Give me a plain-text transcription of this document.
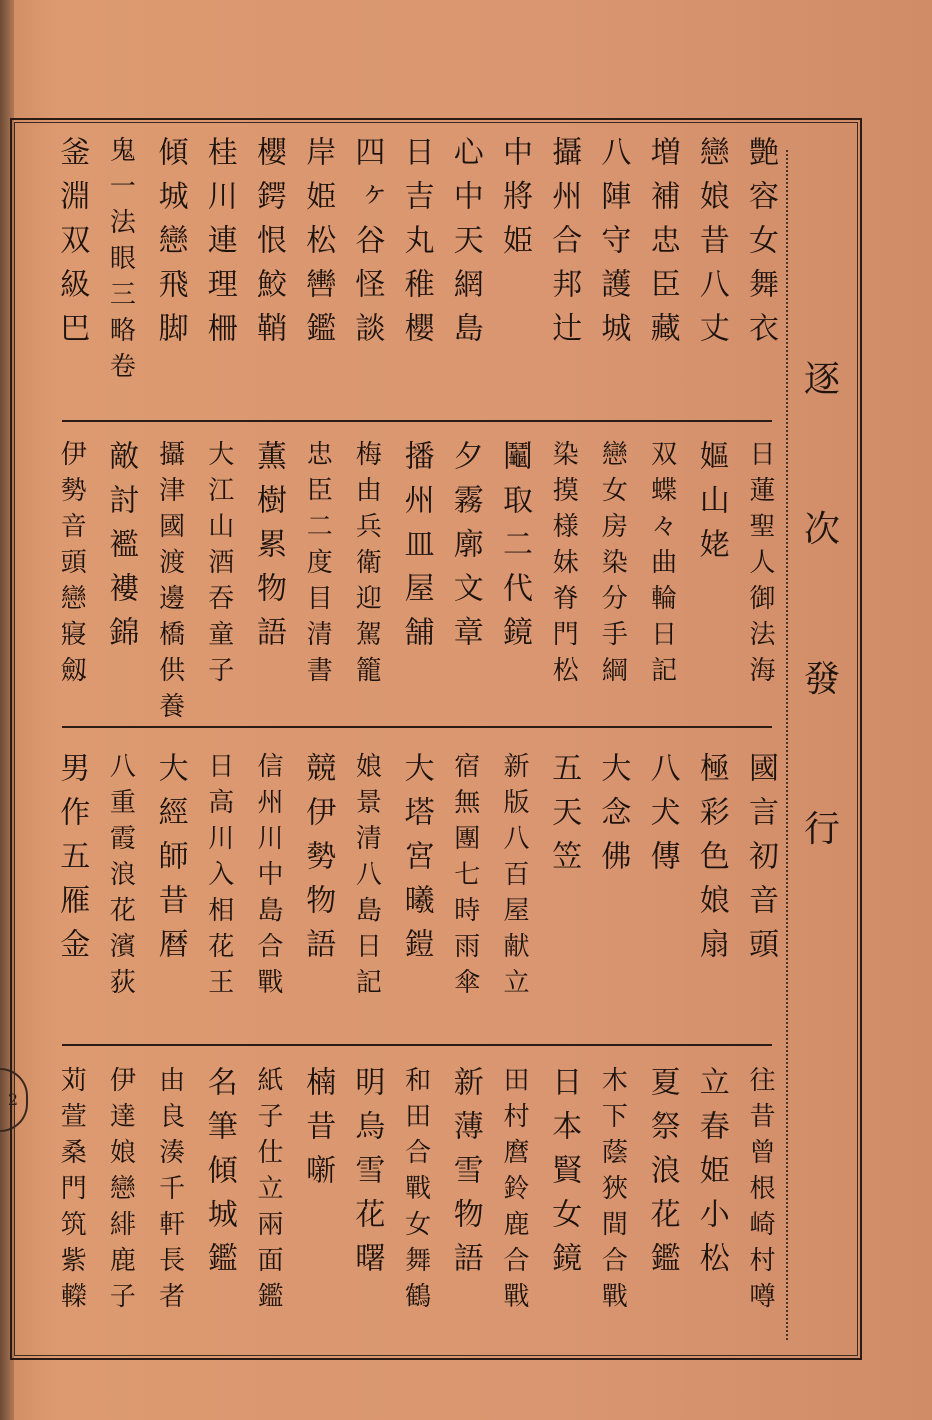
2
逐
次
發
行
艶容女舞衣
戀娘昔八丈
増補忠臣藏
八陣守護城
攝州合邦辻
中將姫
心中天網島
日吉丸稚櫻
四ヶ谷怪談
岸姫松轡鑑
櫻鍔恨鮫鞘
桂川連理柵
傾城戀飛脚
鬼一法眼三略卷
釜淵双級巴
日蓮聖人御法海
嫗山姥
双蝶々曲輪日記
戀女房染分手綱
染摸様妹脊門松
鬮取二代鏡
夕霧廓文章
播州皿屋舗
梅由兵衛迎駕籠
忠臣二度目清書
薫樹累物語
大江山酒吞童子
攝津國渡邊橋供養
敵討襤褸錦
伊勢音頭戀寢劔
國言初音頭
極彩色娘扇
八犬傳
大念佛
五天笠
新版八百屋献立
宿無團七時雨傘
大塔宮曦鎧
娘景清八島日記
競伊勢物語
信州川中島合戰
日高川入相花王
大經師昔暦
八重霞浪花濱荻
男作五雁金
往昔曾根崎村噂
立春姫小松
夏祭浪花鑑
木下蔭狹間合戰
日本賢女鏡
田村麿鈴鹿合戰
新薄雪物語
和田合戰女舞鶴
明烏雪花曙
楠昔噺
紙子仕立兩面鑑
名筆傾城鑑
由良湊千軒長者
伊達娘戀緋鹿子
苅萱桑門筑紫𨏍
